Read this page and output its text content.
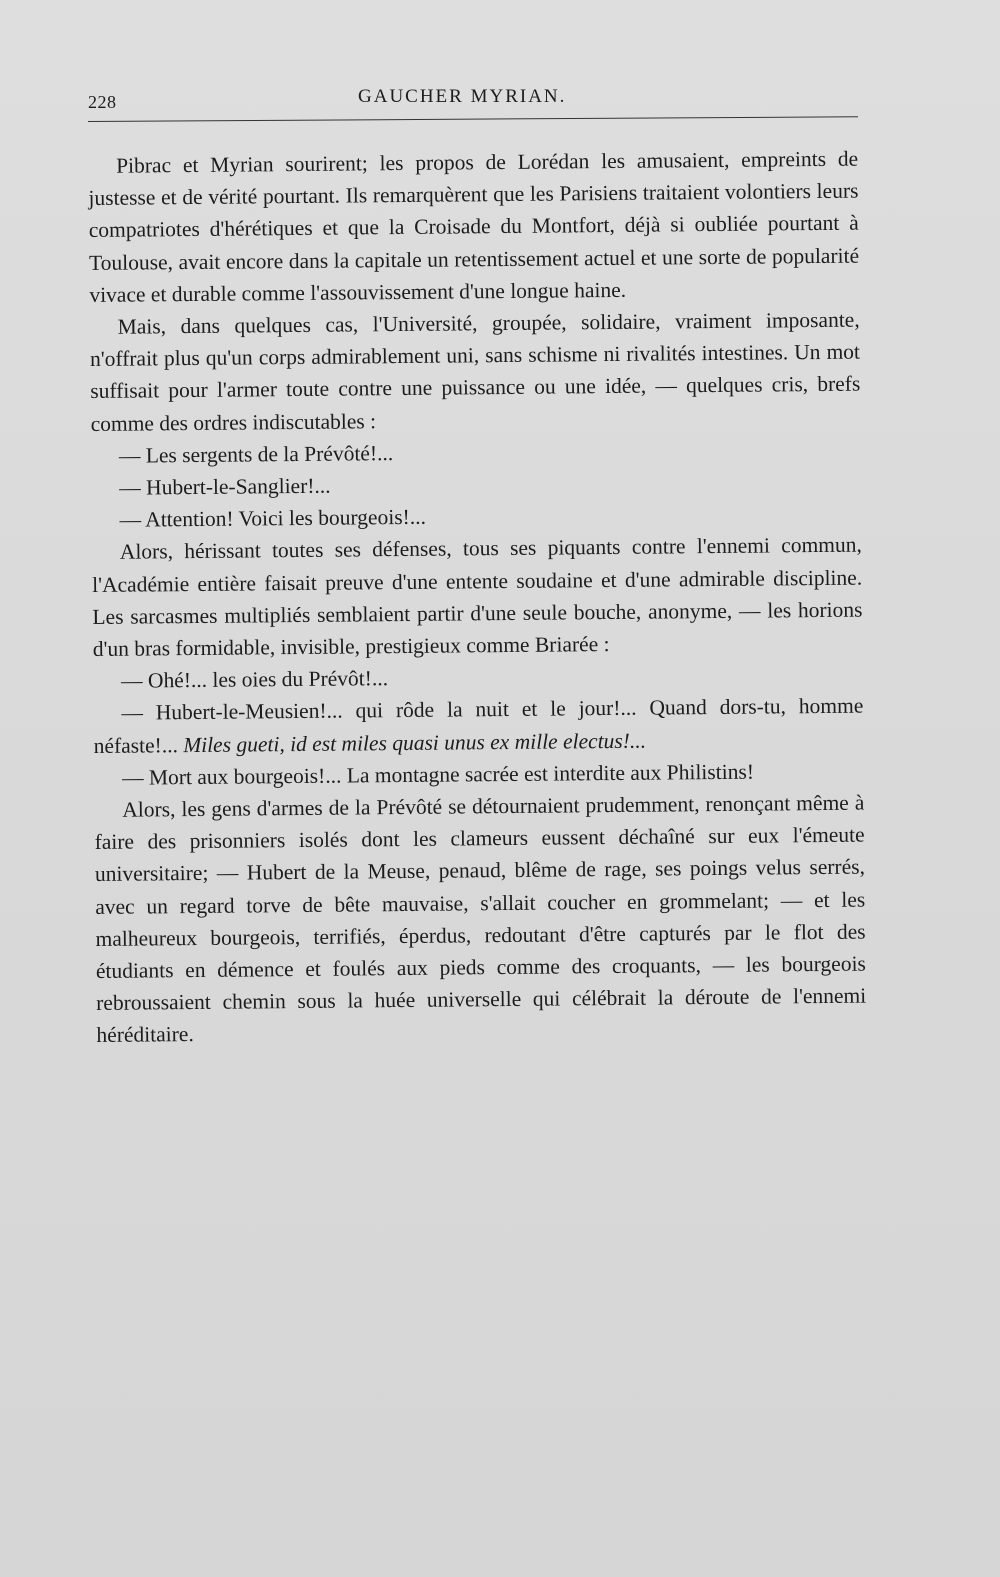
228	GAUCHER MYRIAN.

Pibrac et Myrian sourirent; les propos de Lorédan les amusaient, empreints de justesse et de vérité pourtant. Ils remarquèrent que les Parisiens traitaient volontiers leurs compatriotes d'hérétiques et que la Croisade du Montfort, déjà si oubliée pourtant à Toulouse, avait encore dans la capitale un retentissement actuel et une sorte de popularité vivace et durable comme l'assouvissement d'une longue haine.

Mais, dans quelques cas, l'Université, groupée, solidaire, vraiment imposante, n'offrait plus qu'un corps admirablement uni, sans schisme ni rivalités intestines. Un mot suffisait pour l'armer toute contre une puissance ou une idée, — quelques cris, brefs comme des ordres indiscutables :

— Les sergents de la Prévôté!...

— Hubert-le-Sanglier!...

— Attention! Voici les bourgeois!...

Alors, hérissant toutes ses défenses, tous ses piquants contre l'ennemi commun, l'Académie entière faisait preuve d'une entente soudaine et d'une admirable discipline. Les sarcasmes multipliés semblaient partir d'une seule bouche, anonyme, — les horions d'un bras formidable, invisible, prestigieux comme Briarée :

— Ohé!... les oies du Prévôt!...

— Hubert-le-Meusien!... qui rôde la nuit et le jour!... Quand dors-tu, homme néfaste!... Miles gueti, id est miles quasi unus ex mille electus!...

— Mort aux bourgeois!... La montagne sacrée est interdite aux Philistins!

Alors, les gens d'armes de la Prévôté se détournaient prudemment, renonçant même à faire des prisonniers isolés dont les clameurs eussent déchaîné sur eux l'émeute universitaire; — Hubert de la Meuse, penaud, blême de rage, ses poings velus serrés, avec un regard torve de bête mauvaise, s'allait coucher en grommelant; — et les malheureux bourgeois, terrifiés, éperdus, redoutant d'être capturés par le flot des étudiants en démence et foulés aux pieds comme des croquants, — les bourgeois rebroussaient chemin sous la huée universelle qui célébrait la déroute de l'ennemi héréditaire.
